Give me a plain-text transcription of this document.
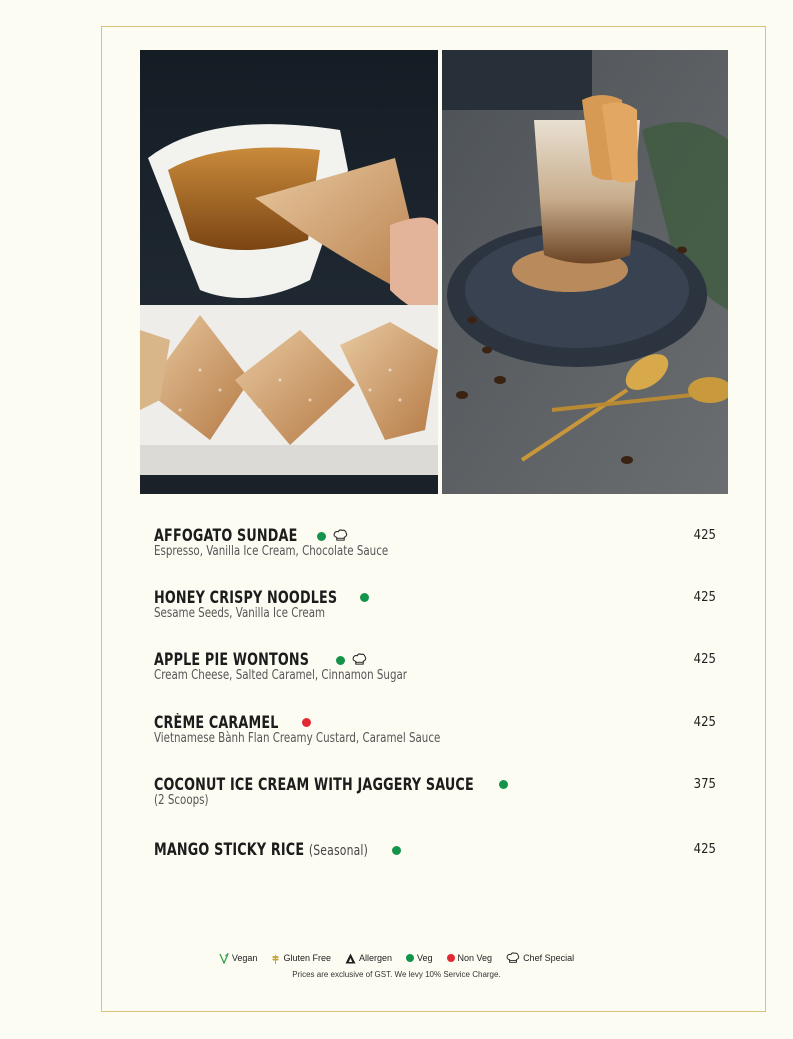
AFFOGATO SUNDAE
Espresso, Vanilla Ice Cream, Chocolate Sauce
425
HONEY CRISPY NOODLES
Sesame Seeds, Vanilla Ice Cream
425
APPLE PIE WONTONS
Cream Cheese, Salted Caramel, Cinnamon Sugar
425
CRÈME CARAMEL
Vietnamese Bành Flan Creamy Custard, Caramel Sauce
425
COCONUT ICE CREAM WITH JAGGERY SAUCE
(2 Scoops)
375
MANGO STICKY RICE (Seasonal)	425
Vegan	Gluten Free	Allergen	Veg	Non Veg	Chef Special
Prices are exclusive of GST. We levy 10% Service Charge.
